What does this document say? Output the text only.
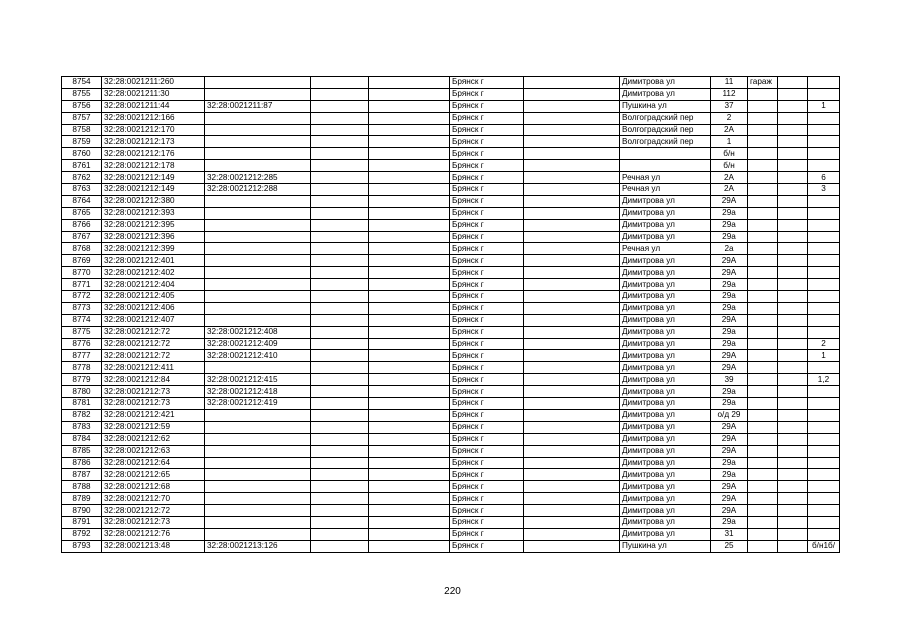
8754	32:28:0021211:260				Брянск г		Димитрова ул	11	гараж		
8755	32:28:0021211:30				Брянск г		Димитрова ул	112			
8756	32:28:0021211:44	32:28:0021211:87			Брянск г		Пушкина ул	37			1
8757	32:28:0021212:166				Брянск г		Волгоградский пер	2			
8758	32:28:0021212:170				Брянск г		Волгоградский пер	2А			
8759	32:28:0021212:173				Брянск г		Волгоградский пер	1			
8760	32:28:0021212:176				Брянск г			б/н			
8761	32:28:0021212:178				Брянск г			б/н			
8762	32:28:0021212:149	32:28:0021212:285			Брянск г		Речная ул	2А			6
8763	32:28:0021212:149	32:28:0021212:288			Брянск г		Речная ул	2А			3
8764	32:28:0021212:380				Брянск г		Димитрова ул	29А			
8765	32:28:0021212:393				Брянск г		Димитрова ул	29а			
8766	32:28:0021212:395				Брянск г		Димитрова ул	29а			
8767	32:28:0021212:396				Брянск г		Димитрова ул	29а			
8768	32:28:0021212:399				Брянск г		Речная ул	2а			
8769	32:28:0021212:401				Брянск г		Димитрова ул	29А			
8770	32:28:0021212:402				Брянск г		Димитрова ул	29А			
8771	32:28:0021212:404				Брянск г		Димитрова ул	29а			
8772	32:28:0021212:405				Брянск г		Димитрова ул	29а			
8773	32:28:0021212:406				Брянск г		Димитрова ул	29а			
8774	32:28:0021212:407				Брянск г		Димитрова ул	29А			
8775	32:28:0021212:72	32:28:0021212:408			Брянск г		Димитрова ул	29а			
8776	32:28:0021212:72	32:28:0021212:409			Брянск г		Димитрова ул	29а			2
8777	32:28:0021212:72	32:28:0021212:410			Брянск г		Димитрова ул	29А			1
8778	32:28:0021212:411				Брянск г		Димитрова ул	29А			
8779	32:28:0021212:84	32:28:0021212:415			Брянск г		Димитрова ул	39			1,2
8780	32:28:0021212:73	32:28:0021212:418			Брянск г		Димитрова ул	29а			
8781	32:28:0021212:73	32:28:0021212:419			Брянск г		Димитрова ул	29а			
8782	32:28:0021212:421				Брянск г		Димитрова ул	о/д 29			
8783	32:28:0021212:59				Брянск г		Димитрова ул	29А			
8784	32:28:0021212:62				Брянск г		Димитрова ул	29А			
8785	32:28:0021212:63				Брянск г		Димитрова ул	29А			
8786	32:28:0021212:64				Брянск г		Димитрова ул	29а			
8787	32:28:0021212:65				Брянск г		Димитрова ул	29а			
8788	32:28:0021212:68				Брянск г		Димитрова ул	29А			
8789	32:28:0021212:70				Брянск г		Димитрова ул	29А			
8790	32:28:0021212:72				Брянск г		Димитрова ул	29А			
8791	32:28:0021212:73				Брянск г		Димитрова ул	29а			
8792	32:28:0021212:76				Брянск г		Димитрова ул	31			
8793	32:28:0021213:48	32:28:0021213:126			Брянск г		Пушкина ул	25			б/н1б/
220
